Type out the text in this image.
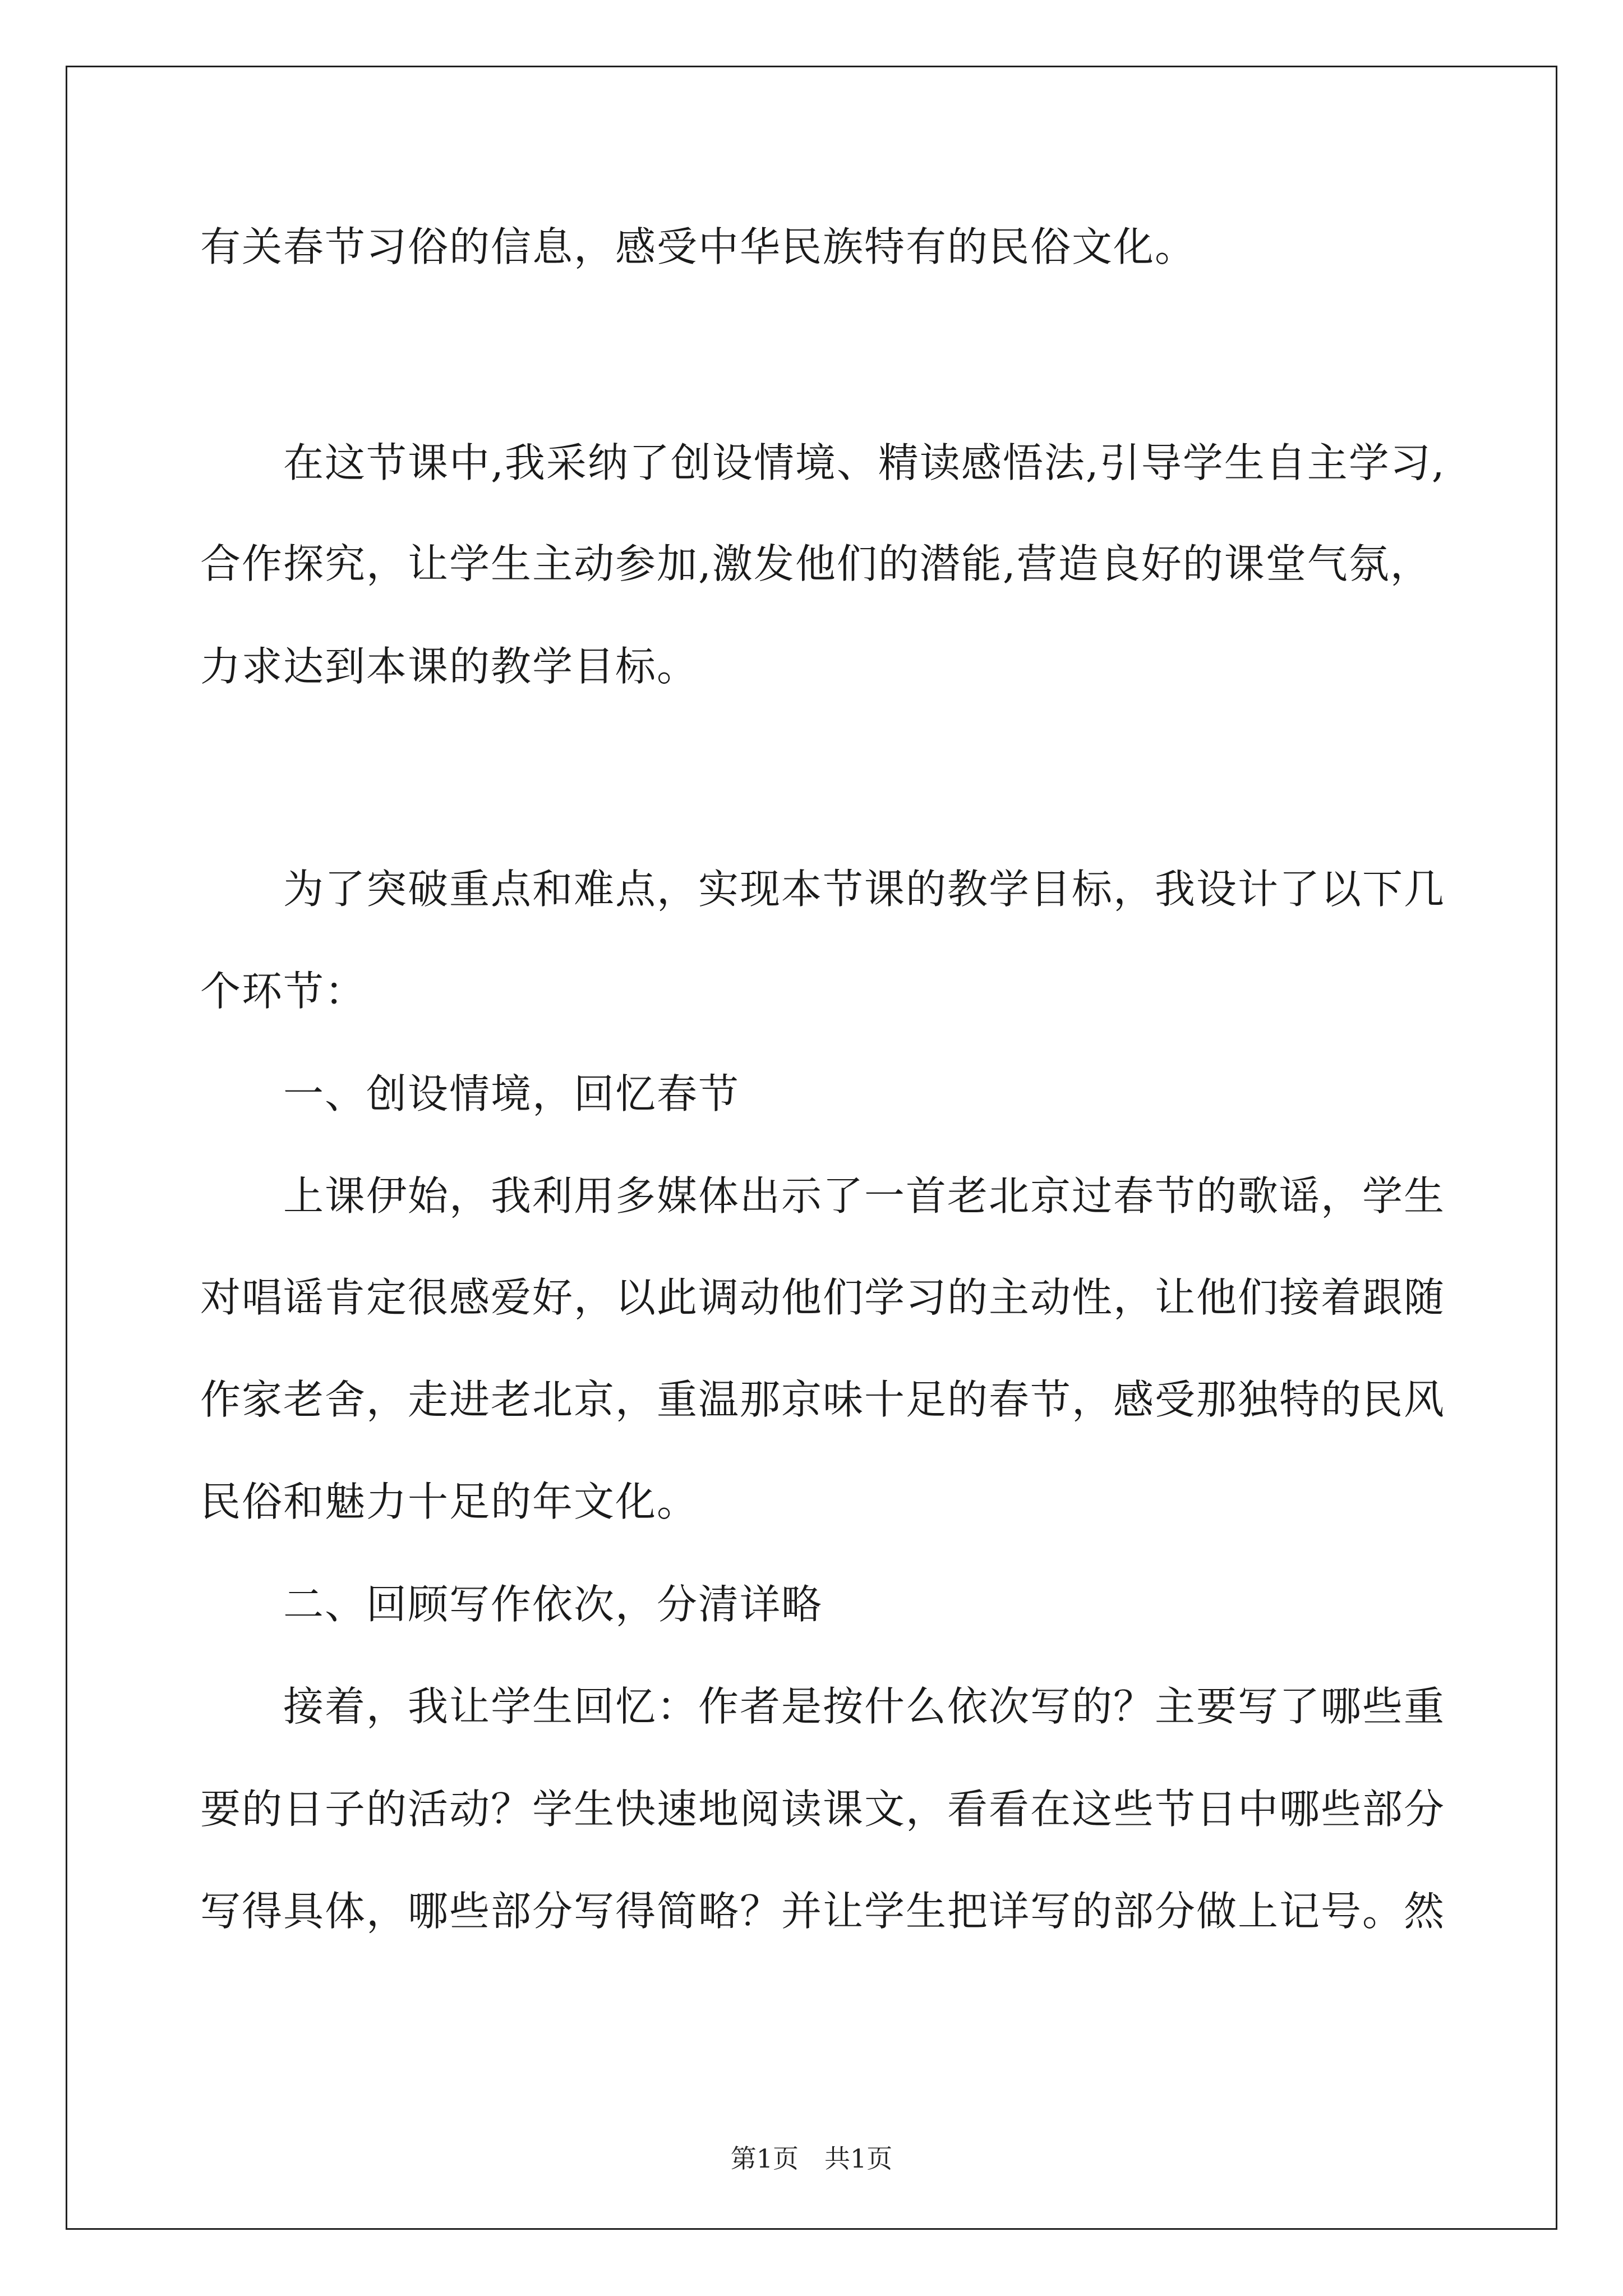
有关春节习俗的信息，感受中华民族特有的民俗文化。
　　在这节课中,我采纳了创设情境、精读感悟法,引导学生自主学习,
合作探究，让学生主动参加,激发他们的潜能,营造良好的课堂气氛，
力求达到本课的教学目标。
　　为了突破重点和难点，实现本节课的教学目标，我设计了以下几
个环节：
　　一、创设情境，回忆春节
　　上课伊始，我利用多媒体出示了一首老北京过春节的歌谣，学生
对唱谣肯定很感爱好，以此调动他们学习的主动性，让他们接着跟随
作家老舍，走进老北京，重温那京味十足的春节，感受那独特的民风
民俗和魅力十足的年文化。
　　二、回顾写作依次，分清详略
　　接着，我让学生回忆：作者是按什么依次写的？主要写了哪些重
要的日子的活动？学生快速地阅读课文，看看在这些节日中哪些部分
写得具体，哪些部分写得简略？并让学生把详写的部分做上记号。然
第1页　共1页
